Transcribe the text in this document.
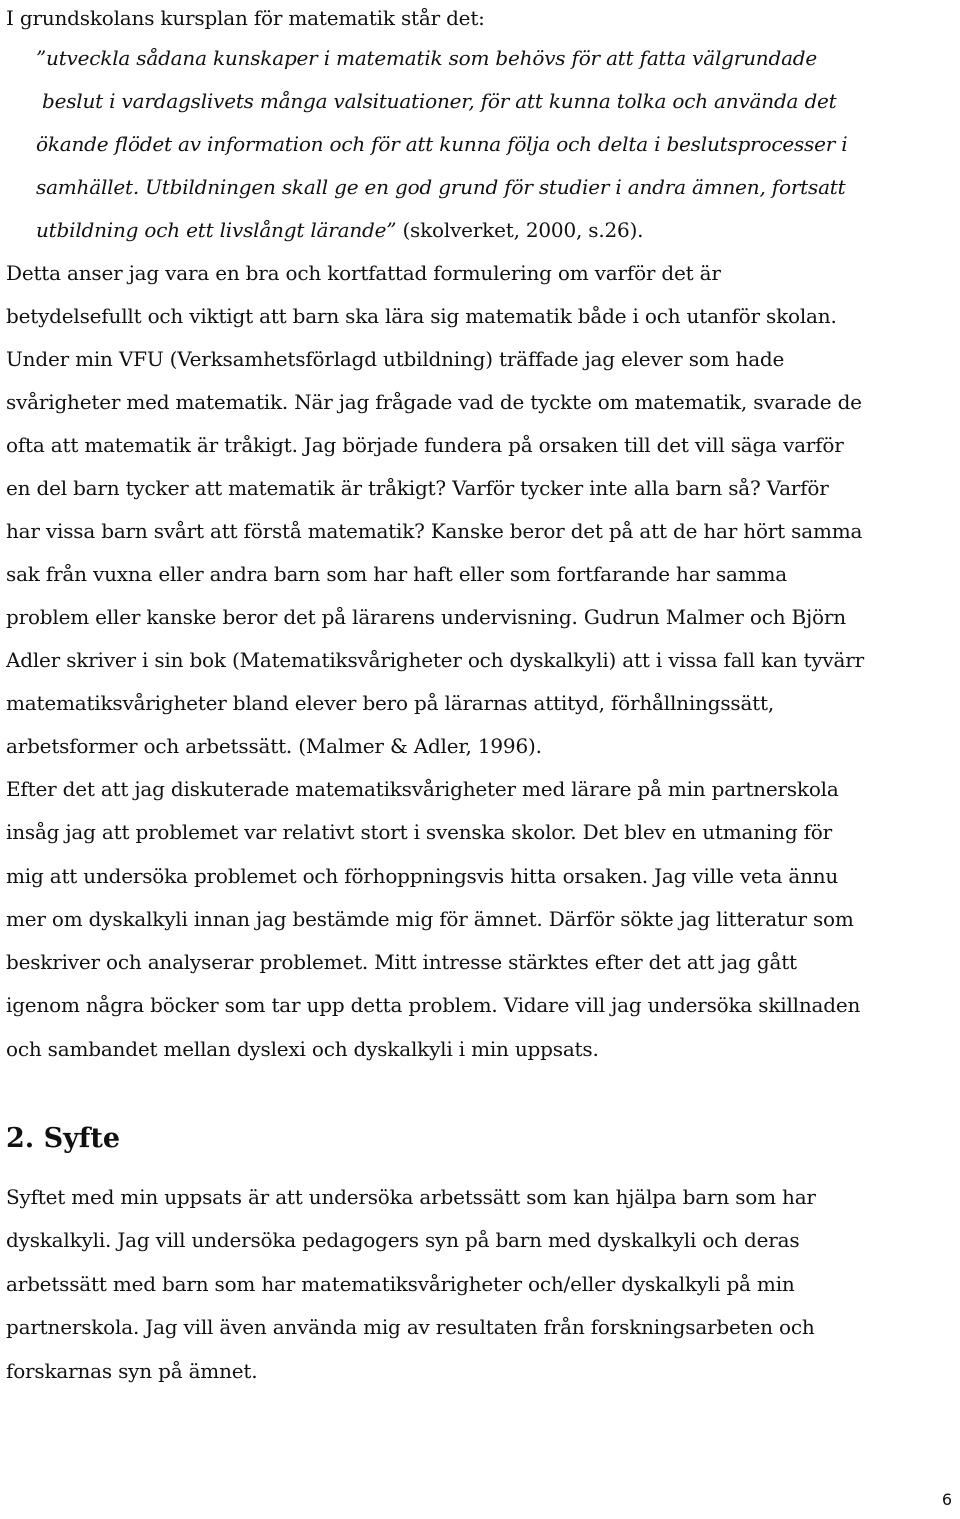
I grundskolans kursplan för matematik står det:
”utveckla sådana kunskaper i matematik som behövs för att fatta välgrundade
beslut i vardagslivets många valsituationer, för att kunna tolka och använda det
ökande flödet av information och för att kunna följa och delta i beslutsprocesser i
samhället. Utbildningen skall ge en god grund för studier i andra ämnen, fortsatt
utbildning och ett livslångt lärande” (skolverket, 2000, s.26).
Detta anser jag vara en bra och kortfattad formulering om varför det är
betydelsefullt och viktigt att barn ska lära sig matematik både i och utanför skolan.
Under min VFU (Verksamhetsförlagd utbildning) träffade jag elever som hade
svårigheter med matematik. När jag frågade vad de tyckte om matematik, svarade de
ofta att matematik är tråkigt. Jag började fundera på orsaken till det vill säga varför
en del barn tycker att matematik är tråkigt? Varför tycker inte alla barn så? Varför
har vissa barn svårt att förstå matematik? Kanske beror det på att de har hört samma
sak från vuxna eller andra barn som har haft eller som fortfarande har samma
problem eller kanske beror det på lärarens undervisning. Gudrun Malmer och Björn
Adler skriver i sin bok (Matematiksvårigheter och dyskalkyli) att i vissa fall kan tyvärr
matematiksvårigheter bland elever bero på lärarnas attityd, förhållningssätt,
arbetsformer och arbetssätt. (Malmer & Adler, 1996).
Efter det att jag diskuterade matematiksvårigheter med lärare på min partnerskola
insåg jag att problemet var relativt stort i svenska skolor. Det blev en utmaning för
mig att undersöka problemet och förhoppningsvis hitta orsaken. Jag ville veta ännu
mer om dyskalkyli innan jag bestämde mig för ämnet. Därför sökte jag litteratur som
beskriver och analyserar problemet. Mitt intresse stärktes efter det att jag gått
igenom några böcker som tar upp detta problem. Vidare vill jag undersöka skillnaden
och sambandet mellan dyslexi och dyskalkyli i min uppsats.
2. Syfte
Syftet med min uppsats är att undersöka arbetssätt som kan hjälpa barn som har
dyskalkyli. Jag vill undersöka pedagogers syn på barn med dyskalkyli och deras
arbetssätt med barn som har matematiksvårigheter och/eller dyskalkyli på min
partnerskola. Jag vill även använda mig av resultaten från forskningsarbeten och
forskarnas syn på ämnet.
6
